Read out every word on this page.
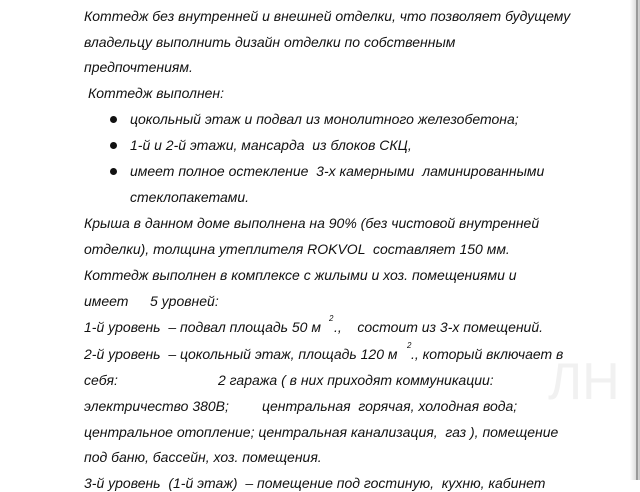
ЛН
Коттедж без внутренней и внешней отделки, что позволяет будущему
владельцу выполнить дизайн отделки по собственным
предпочтениям.
Коттедж выполнен:
цокольный этаж и подвал из монолитного железобетона;
1-й и 2-й этажи, мансарда  из блоков СКЦ,
имеет полное остекление  3-х камерными  ламинированными
стеклопакетами.
Крыша в данном доме выполнена на 90% (без чистовой внутренней
отделки), толщина утеплителя ROKVOL  составляет 150 мм.
Коттедж выполнен в комплексе с жилыми и хоз. помещениями и
имеет 5 уровней:
1-й уровень  – подвал площадь 50 м
2
.,    состоит из 3-х помещений.
2-й уровень  – цокольный этаж, площадь 120 м
2
., который включает в
себя:	2 гаража ( в них приходят коммуникации:
электричество 380В; центральная  горячая, холодная вода;
центральное отопление; центральная канализация,  газ ), помещение
под баню, бассейн, хоз. помещения.
3-й уровень  (1-й этаж)  – помещение под гостиную,  кухню, кабинет
